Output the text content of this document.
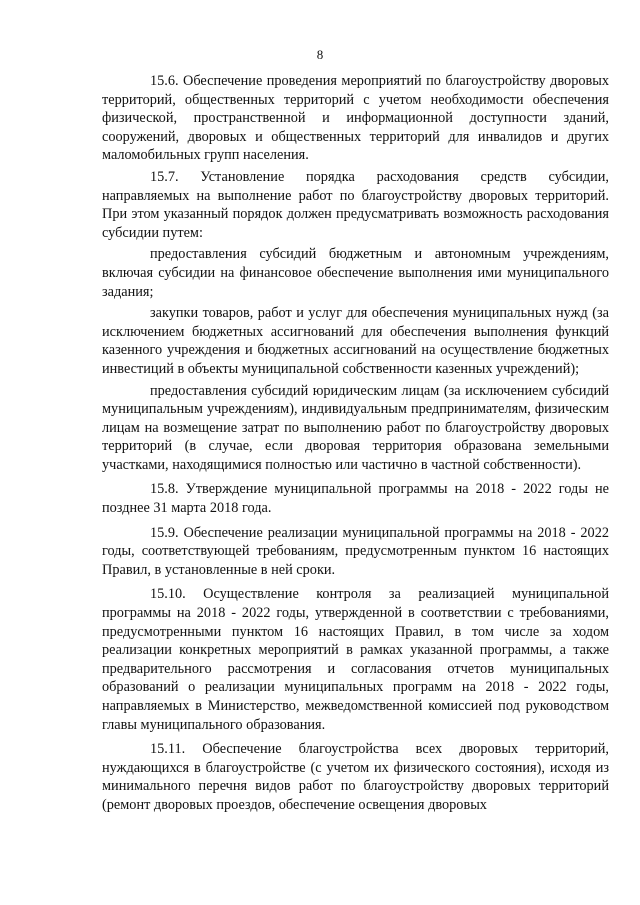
8

15.6. Обеспечение проведения мероприятий по благоустройству дворовых территорий, общественных территорий с учетом необходимости обеспечения физической, пространственной и информационной доступности зданий, сооружений, дворовых и общественных территорий для инвалидов и других маломобильных групп населения.

15.7. Установление порядка расходования средств субсидии, направляемых на выполнение работ по благоустройству дворовых территорий. При этом указанный порядок должен предусматривать возможность расходования субсидии путем:

предоставления субсидий бюджетным и автономным учреждениям, включая субсидии на финансовое обеспечение выполнения ими муниципального задания;

закупки товаров, работ и услуг для обеспечения муниципальных нужд (за исключением бюджетных ассигнований для обеспечения выполнения функций казенного учреждения и бюджетных ассигнований на осуществление бюджетных инвестиций в объекты муниципальной собственности казенных учреждений);

предоставления субсидий юридическим лицам (за исключением субсидий муниципальным учреждениям), индивидуальным предпринимателям, физическим лицам на возмещение затрат по выполнению работ по благоустройству дворовых территорий (в случае, если дворовая территория образована земельными участками, находящимися полностью или частично в частной собственности).

15.8. Утверждение муниципальной программы на 2018 - 2022 годы не позднее 31 марта 2018 года.

15.9. Обеспечение реализации муниципальной программы на 2018 - 2022 годы, соответствующей требованиям, предусмотренным пунктом 16 настоящих Правил, в установленные в ней сроки.

15.10. Осуществление контроля за реализацией муниципальной программы на 2018 - 2022 годы, утвержденной в соответствии с требованиями, предусмотренными пунктом 16 настоящих Правил, в том числе за ходом реализации конкретных мероприятий в рамках указанной программы, а также предварительного рассмотрения и согласования отчетов муниципальных образований о реализации муниципальных программ на 2018 - 2022 годы, направляемых в Министерство, межведомственной комиссией под руководством главы муниципального образования.

15.11. Обеспечение благоустройства всех дворовых территорий, нуждающихся в благоустройстве (с учетом их физического состояния), исходя из минимального перечня видов работ по благоустройству дворовых территорий (ремонт дворовых проездов, обеспечение освещения дворовых
